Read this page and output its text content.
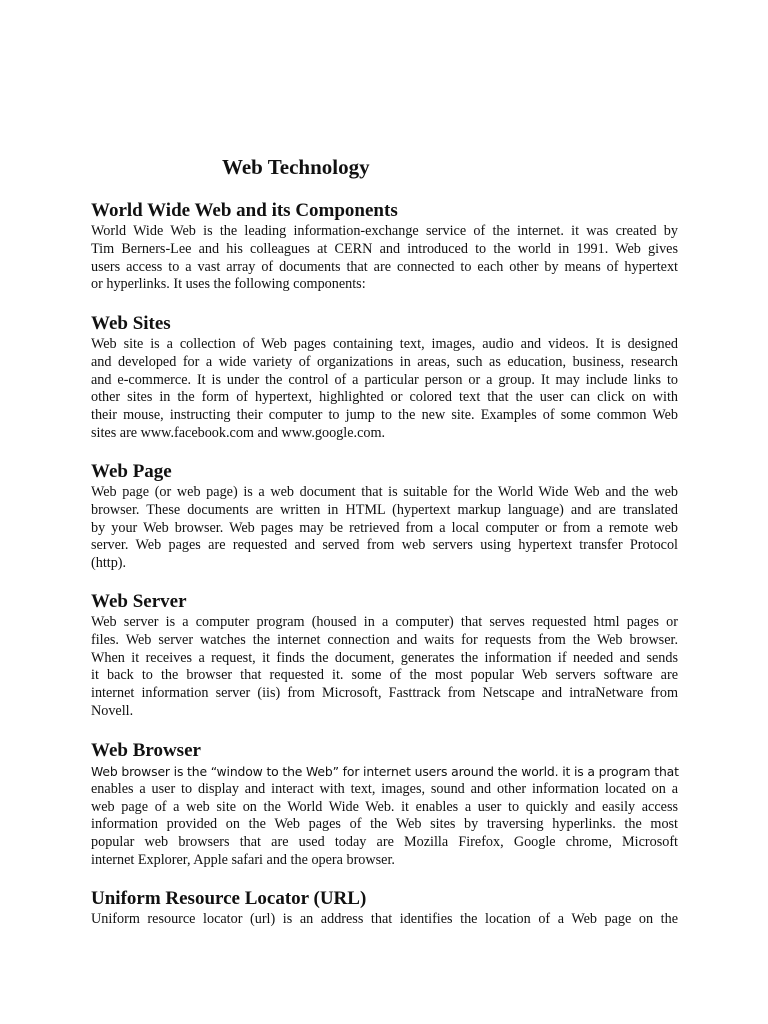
Web Technology
World Wide Web and its Components

World Wide Web is the leading information-exchange service of the internet. it was created by
Tim Berners-Lee and his colleagues at CERN and introduced to the world in 1991. Web gives
users access to a vast array of documents that are connected to each other by means of hypertext
or hyperlinks. It uses the following components:

Web Sites

Web site is a collection of Web pages containing text, images, audio and videos. It is designed
and developed for a wide variety of organizations in areas, such as education, business, research
and e-commerce. It is under the control of a particular person or a group. It may include links to
other sites in the form of hypertext, highlighted or colored text that the user can click on with
their mouse, instructing their computer to jump to the new site. Examples of some common Web
sites are www.facebook.com and www.google.com.

Web Page

Web page (or web page) is a web document that is suitable for the World Wide Web and the web
browser. These documents are written in HTML (hypertext markup language) and are translated
by your Web browser. Web pages may be retrieved from a local computer or from a remote web
server. Web pages are requested and served from web servers using hypertext transfer Protocol
(http).

Web Server

Web server is a computer program (housed in a computer) that serves requested html pages or
files. Web server watches the internet connection and waits for requests from the Web browser.
When it receives a request, it finds the document, generates the information if needed and sends
it back to the browser that requested it. some of the most popular Web servers software are
internet information server (iis) from Microsoft, Fasttrack from Netscape and intraNetware from
Novell.

Web Browser

Web browser is the “window to the Web” for internet users around the world. it is a program that
enables a user to display and interact with text, images, sound and other information located on a
web page of a web site on the World Wide Web. it enables a user to quickly and easily access
information provided on the Web pages of the Web sites by traversing hyperlinks. the most
popular web browsers that are used today are Mozilla Firefox, Google chrome, Microsoft
internet Explorer, Apple safari and the opera browser.

Uniform Resource Locator (URL)

Uniform resource locator (url) is an address that identifies the location of a Web page on the
